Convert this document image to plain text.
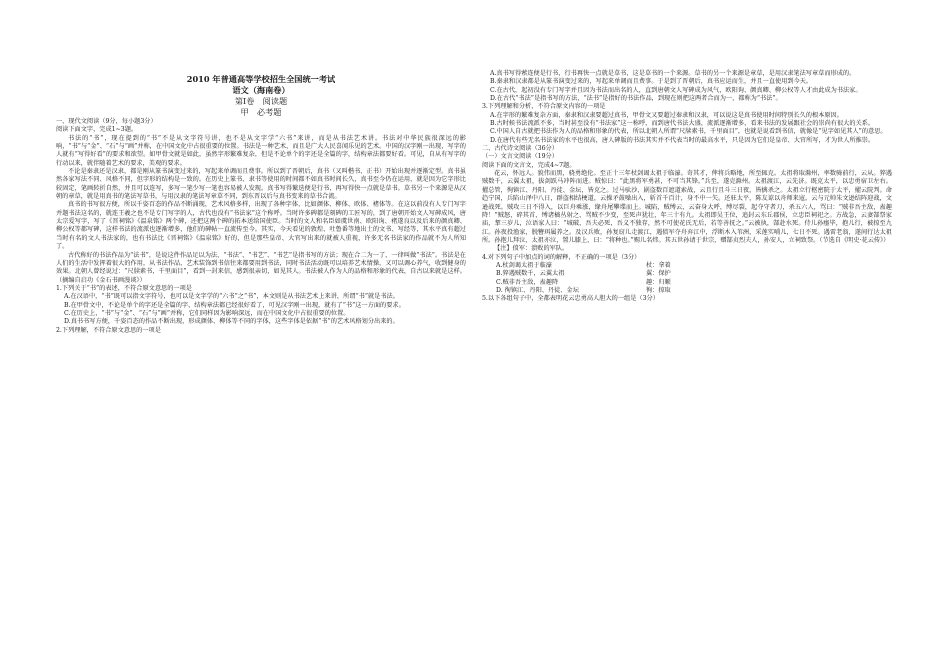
2010 年普通高等学校招生全国统一考试
语文（海南卷）
第Ⅰ卷　阅读题
甲　必考题

一、现代文阅读（9分，每小题3分）

阅读下面文字，完成1~3题。

书法的“书”，现在提到的“书”不是从文字符号讲，也不是从文字学“六书”来讲，而是从书法艺术讲。书法对中华民族很深远的影响，“书”与“金”、“石”与“画”并称，在中国文化中占很重要的位置。书法是一种艺术，而且是广大人民喜闻乐见的艺术。中国的汉字刚一出现，写字的人就有“写得好看”的要求和欲望。如甲骨文就是如此，虽然字形繁难复杂，但是不论单个的字还是全篇的字，结构章法都要好看。可见，自从有写字的行动以来，就伴随着艺术的要求，美观的要求。

不论是秦隶还是汉隶，都是刚从篆书演变过来的，写起来单调而且费事。所以到了晋朝后，真书（又叫楷书、正书）开始出现并逐渐定型。真书虽然各家写法不同、风格不同，但字形的结构是一致的。在历史上篆书、隶书等使用的时间都不如真书时间长久，真书至今仍在运用，就是因为它字形比较固定，笔画转折自然，并且可以连写，多写一笔少写一笔也容易被人发现。真书写得繁迭便是行书，再写得快一点就是草书。草书另一个来源是从汉朝的章草，就是用真书的笔法写草书，与用汉隶的笔法写章草不同，到东晋以后与真书变来的草书合流。

真书的书写很方便，所以千姿百态的作品不断涌现，艺术风格多样，出现了各种字体，比如颜体、柳体、欧体、褚体等。在这以前没有人专门写字并题书法这名的，就连王羲之也不是专门写字的人，古代也没有“书法家”这个称呼。当时许多碑都是刻碑的工匠写的，到了唐朝开始文人写碑成风，唐太宗爱写字，写了《晋祠铭》《温泉铭》两个碑，还把这两个碑的拓本送给国使臣。当时的文人和名臣如虞世南、欧阳询、褚遂良以及后来的颜真卿、柳公权等都写碑，这样书法的流派也逐渐增多，他们的碑帖一直流传至今。其实，今天看见的敦煌、吐鲁番等地出土的文书、写经等，其水平真有超过当时有名的文人书法家的，也有书法比《晋祠铭》《温泉铭》好的，但是那些皇帝、大官写出来的就被人重视，许多无名书法家的作品就不为人所知了。

古代称好的书法作品为“法书”，是说这件作品足以为法，“书法”、“书艺”、“书艺”是指书写的方法；现在合二为一了，一律叫做“书法”。书法是在人们的生活中发挥着很大的作用，从书法作品、艺术装饰到书信往来都要用到书法，同时书法活动既可以培养艺术情操，又可以调心养气，收到健身的效果。北朝人曾经说过：“尺牍素书，千里面目”，看到一封来信，感到很亲切，如见其人。书法被人作为人的品格和形象的代表，自古以来就是这样。（摘编自启功《金石书画漫谈》）

1.下列关于“书”的表述，不符合原文意思的一项是

A.在汉语中，“书”既可以指文字符号，也可以是文字学的“六书”之“书”，本文则是从书法艺术上来讲，所谓“书”就是书法。

B.在甲骨文中，不论是单个的字还是全篇的字，结构章法都已经很好看了，可见汉字刚一出现，就有了“书”这一方面的要求。

C.在历史上，“书”与“金”、“石”与“画”并称，它们同样因为影响深远，而在中国文化中占很重要的位置。

D.真书书写方便，千姿百态的作品不断出现，形成颜体、柳体等不同的字体，这些字体是依据“书”的艺术风格划分出来的。

2.下列理解，不符合原文意思的一项是

A.真书写得萦连便是行书，行书再快一点就是草书，这是草书的一个来源。草书的另一个来源是章草，是用汉隶笔法写章草而形成的。

B.秦隶和汉隶都是从篆书演变过来的，写起来单调而且费事。于是到了晋朝后，真书应运而生，并且一直使用到今天。

C.在古代，起初没有专门写字并且因为书法而出名的人，直到唐朝文人写碑成为风气，欧阳询、颜真卿、柳公权等人才由此成为书法家。

D.在古代“书法”是指书写的方法，“法书”是指好的书法作品，到现在则把这两者合而为一，都称为“书法”。

3.下列理解和分析，不符合原文内容的一项是

A.在字形的繁难复杂方面，秦隶和汉隶要超过真书，甲骨文又要超过秦隶和汉隶，可以说这是真书使用时间特别长久的根本原因。

B.古时候书法流派不多，当时甚至没有“书法家”这一称呼，而到唐代书法大盛，流派逐渐增多，看来书法的发展跟社会的崇尚有很大的关系。

C.中国人自古就把书法作为人的品格和形象的代表，所以北朝人所谓“尺牍素书，千里面目”，也就是说看到书信，就像是“见字如见其人”的意思。

D.在唐代有些无名书法家的水平也很高，唐人碑版的书法其实并不代表当时的最高水平，只是因为它们是皇帝、大官所写，才为世人所推崇。

二、古代诗文阅读（36分）

（一）文言文阅读（19分）

阅读下面的文言文，完成4~7题。

花云，怀远人。貌伟而黑，骁勇绝伦。至正十三年杖剑谒太祖于临濠。奇其才，俾将兵略地，所至辄克。太祖将取滁州，率数骑前行，云从。猝遇贼数千，云翼太祖，拔剑跃马冲阵而进。贼惊曰：“此黑将军勇甚，不可当其锋。”兵至，遂克滁州。太祖渡江，云先济。既克太平，以忠勇宿卫左右。擢总管，徇镇江、丹阳、丹徒、金坛，皆克之。过马驮沙，剧盗数百遮道索战，云且行且斗三日夜，皆擒杀之。太祖立行枢密院于太平，擢云院判。命趋宁国，兵陷山泽中八日，群盗相结梗道，云操矛鼓噪出入，斩首千百计，身不中一矢。还驻太平，陈友谅以舟师来寇。云与元帅朱文逊结阵迎战，文逊战死。贼攻三日不得入，以巨舟乘涨，缘舟尾攀堞而上。城陷，贼缚云，云奋身大呼，缚尽裂，起夺守者刀，杀五六人，骂曰：“贼非吾主敌，盍趣降！”贼怒，碎其首，缚诸樯丛射之，骂贼不少变，至死声犹壮，年三十有九。太祖即吴王位，追封云东丘郡侯，立忠臣祠祀之。方战急，云妻郜祭家庙，挈三岁儿，泣语家人曰：“城破，吾夫必死，吾义不独存，然不可使花氏无后，若等善抚之。”云被执，郜赴水死。侍儿孙瘗毕，抱儿行，被掠至九江。孙夜投渔家，脱簪珥属养之。及汉兵败，孙复窃儿走渡江，遇偾军夺舟弃江中，浮断木入苇洲，采莲实哺儿，七日不死。遇雷老翁，遂间行达太祖所。孙抱儿拜泣，太祖亦泣，置儿膝上，曰：“将种也。”赐儿名炜。其五世孙请于世宗，赠郜贞烈夫人，孙安人，立祠致祭。（节选自《明史·花云传》）

【注】偾军：溃败的军队。

4.对下列句子中加点的词的解释，不正确的一项是（3分）

A.杖剑谒太祖于临濠	杖：拿着
B.猝遇贼数千，云翼太祖	翼：保护
C.贼非吾主敌，盍趣降	趣：归顺
D. 徇镇江、丹阳、丹徒、金坛	徇：掠取

5.以下各组句子中，全都表明花云忠勇高人胆大的一组是（3分）
